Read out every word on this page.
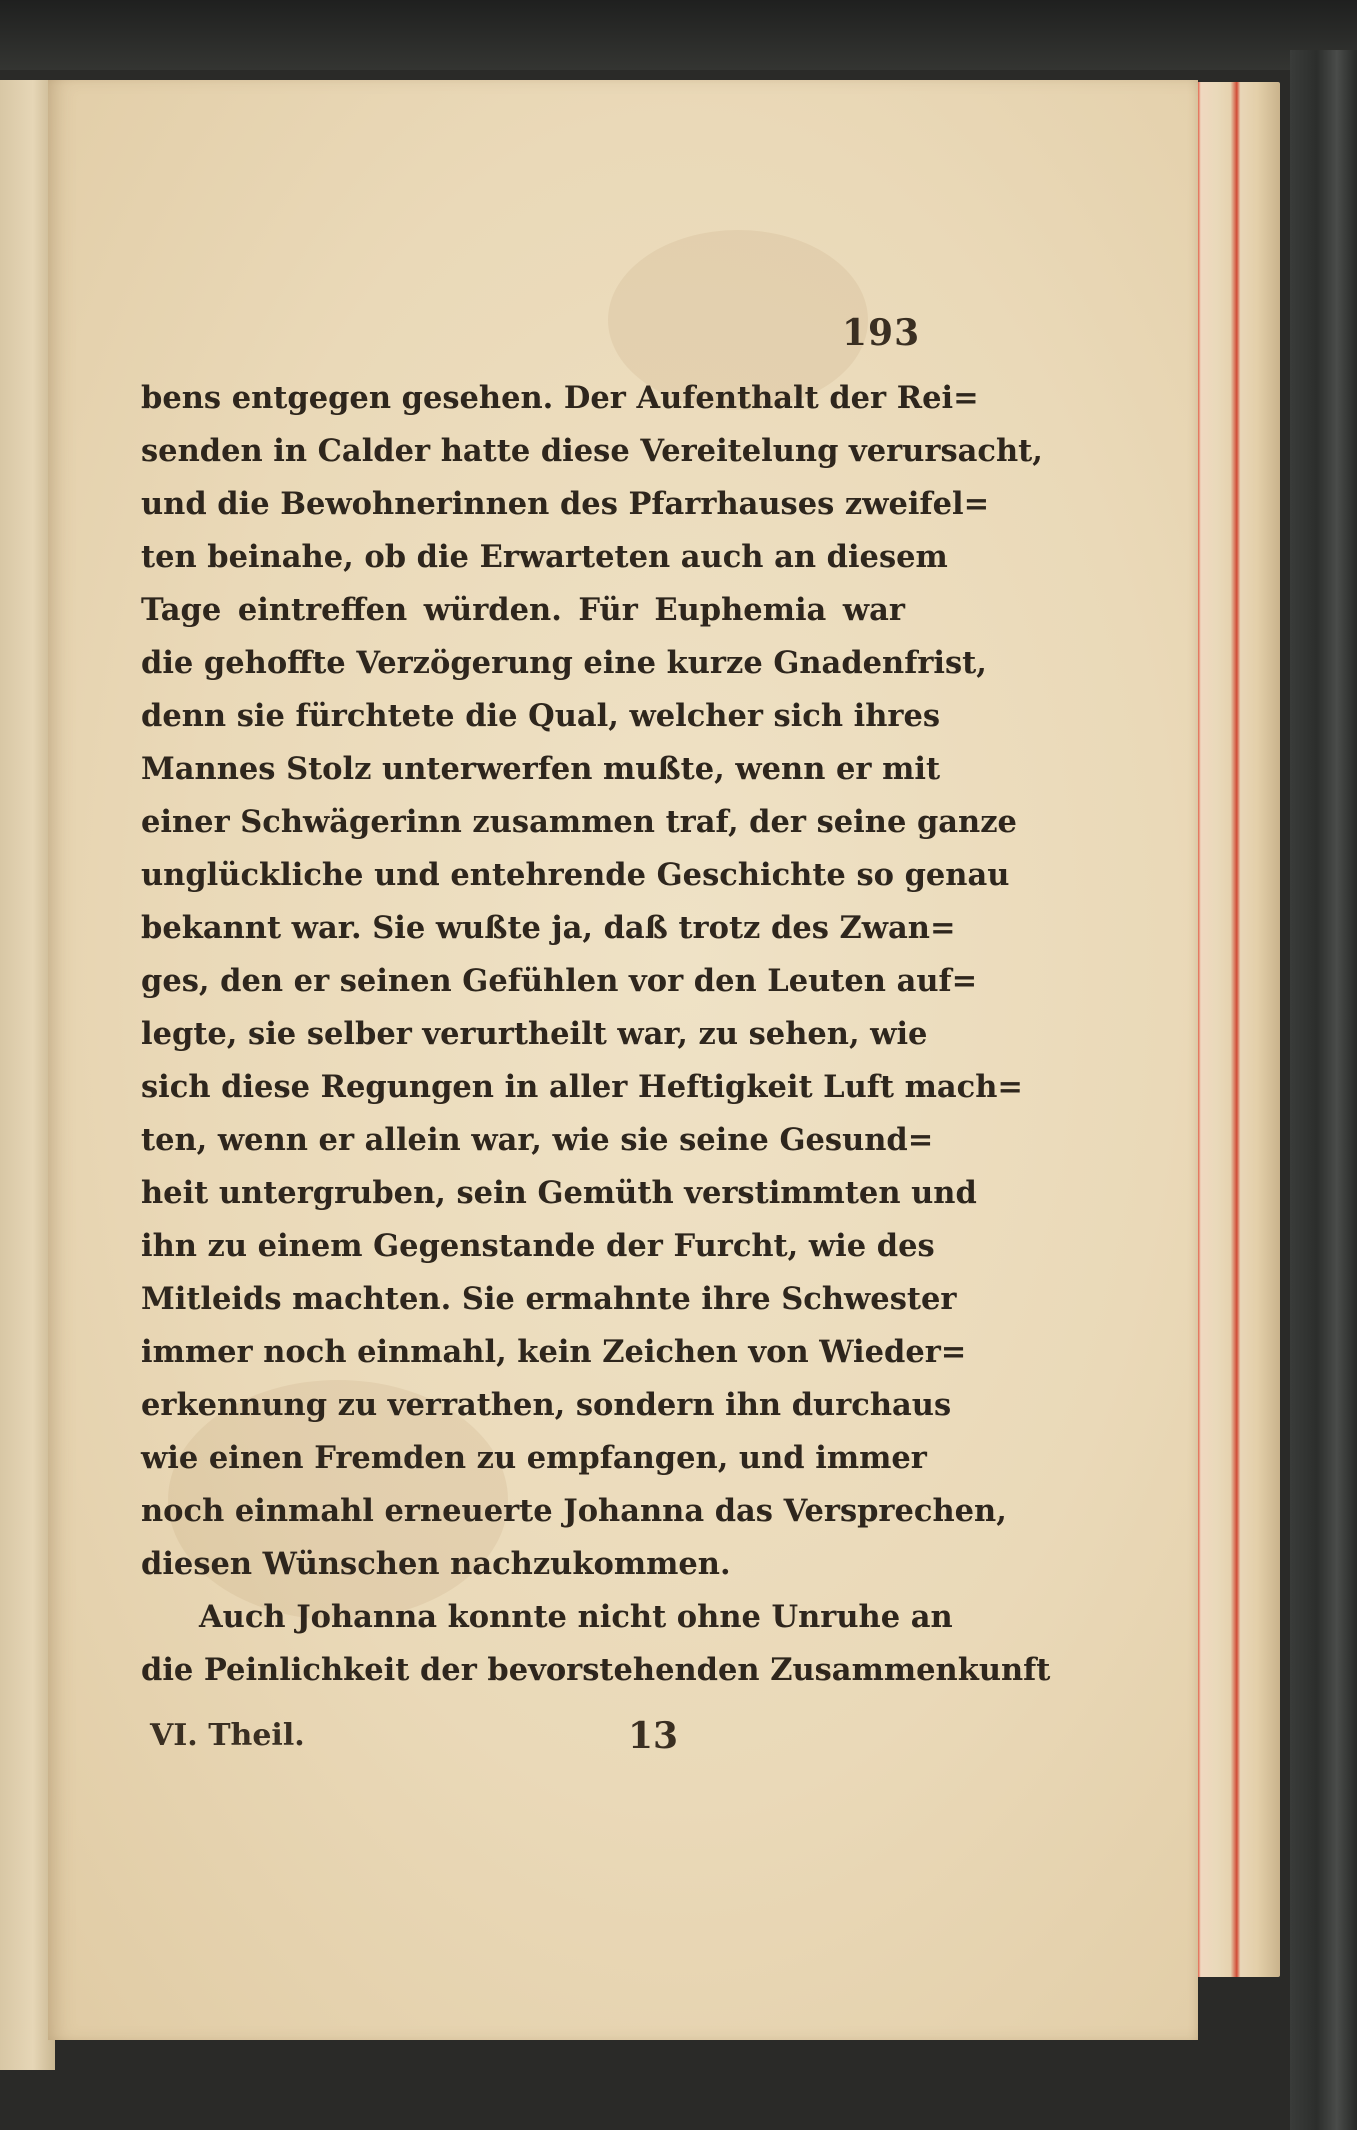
193
bens entgegen gesehen. Der Aufenthalt der Rei=
senden in Calder hatte diese Vereitelung verursacht,
und die Bewohnerinnen des Pfarrhauses zweifel=
ten beinahe, ob die Erwarteten auch an diesem
Tage eintreffen würden. Für Euphemia war
die gehoffte Verzögerung eine kurze Gnadenfrist,
denn sie fürchtete die Qual, welcher sich ihres
Mannes Stolz unterwerfen mußte, wenn er mit
einer Schwägerinn zusammen traf, der seine ganze
unglückliche und entehrende Geschichte so genau
bekannt war. Sie wußte ja, daß trotz des Zwan=
ges, den er seinen Gefühlen vor den Leuten auf=
legte, sie selber verurtheilt war, zu sehen, wie
sich diese Regungen in aller Heftigkeit Luft mach=
ten, wenn er allein war, wie sie seine Gesund=
heit untergruben, sein Gemüth verstimmten und
ihn zu einem Gegenstande der Furcht, wie des
Mitleids machten. Sie ermahnte ihre Schwester
immer noch einmahl, kein Zeichen von Wieder=
erkennung zu verrathen, sondern ihn durchaus
wie einen Fremden zu empfangen, und immer
noch einmahl erneuerte Johanna das Versprechen,
diesen Wünschen nachzukommen.
Auch Johanna konnte nicht ohne Unruhe an
die Peinlichkeit der bevorstehenden Zusammenkunft
VI. Theil.	13
